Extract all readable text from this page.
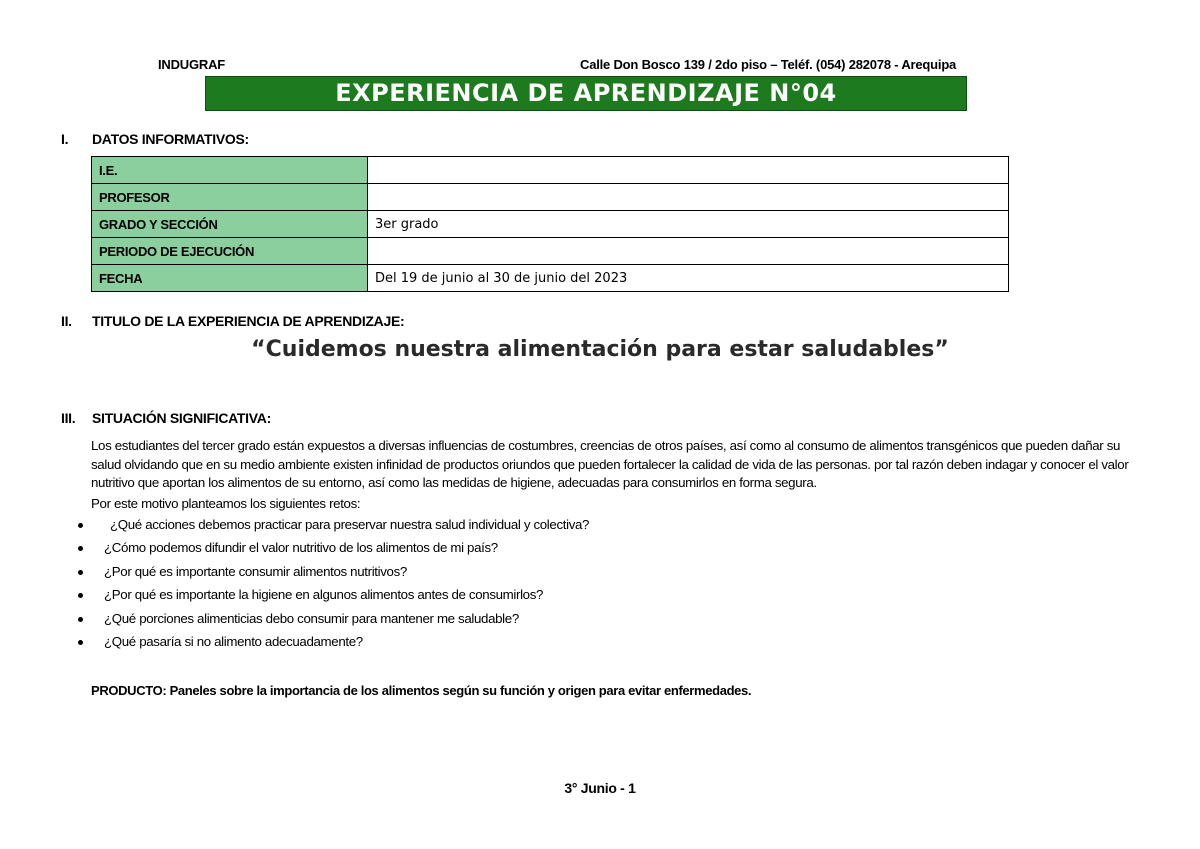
INDUGRAF	Calle Don Bosco 139 / 2do piso – Teléf. (054) 282078 - Arequipa
EXPERIENCIA DE APRENDIZAJE N°04
I. DATOS INFORMATIVOS:
I.E.	
PROFESOR	
GRADO Y SECCIÓN	3er grado
PERIODO DE EJECUCIÓN	
FECHA	Del 19 de junio al 30 de junio del 2023
II. TITULO DE LA EXPERIENCIA DE APRENDIZAJE:
“Cuidemos nuestra alimentación para estar saludables”
III. SITUACIÓN SIGNIFICATIVA:
Los estudiantes del tercer grado están expuestos a diversas influencias de costumbres, creencias de otros países, así como al consumo de alimentos transgénicos que pueden dañar su salud olvidando que en su medio ambiente existen infinidad de productos oriundos que pueden fortalecer la calidad de vida de las personas. por tal razón deben indagar y conocer el valor nutritivo que aportan los alimentos de su entorno, así como las medidas de higiene, adecuadas para consumirlos en forma segura.
Por este motivo planteamos los siguientes retos:
¿Qué acciones debemos practicar para preservar nuestra salud individual y colectiva?
¿Cómo podemos difundir el valor nutritivo de los alimentos de mi país?
¿Por qué es importante consumir alimentos nutritivos?
¿Por qué es importante la higiene en algunos alimentos antes de consumirlos?
¿Qué porciones alimenticias debo consumir para mantener me saludable?
¿Qué pasaría si no alimento adecuadamente?
PRODUCTO: Paneles sobre la importancia de los alimentos según su función y origen para evitar enfermedades.
3° Junio - 1
